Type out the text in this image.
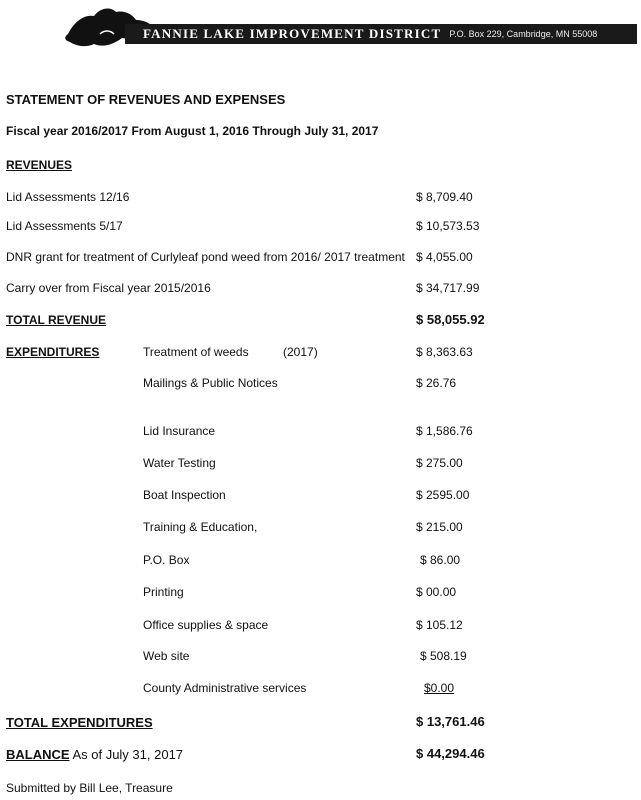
FANNIE LAKE IMPROVEMENT DISTRICT P.O. Box 229, Cambridge, MN 55008
STATEMENT OF REVENUES AND EXPENSES
Fiscal year 2016/2017 From August 1, 2016 Through July 31, 2017
REVENUES
Lid Assessments 12/16	$ 8,709.40
Lid Assessments 5/17	$ 10,573.53
DNR grant for treatment of Curlyleaf pond weed from 2016/ 2017 treatment $ 4,055.00
Carry over from Fiscal year 2015/2016	$ 34,717.99
TOTAL REVENUE	$ 58,055.92
EXPENDITURES	Treatment of weeds	(2017)	$ 8,363.63
Mailings & Public Notices	$ 26.76
Lid Insurance	$ 1,586.76
Water Testing	$ 275.00
Boat Inspection	$ 2595.00
Training & Education,	$ 215.00
P.O. Box	$ 86.00
Printing	$ 00.00
Office supplies & space	$ 105.12
Web site	$ 508.19
County Administrative services	$0.00
TOTAL EXPENDITURES	$ 13,761.46
BALANCE As of July 31, 2017	$ 44,294.46
Submitted by Bill Lee, Treasure
